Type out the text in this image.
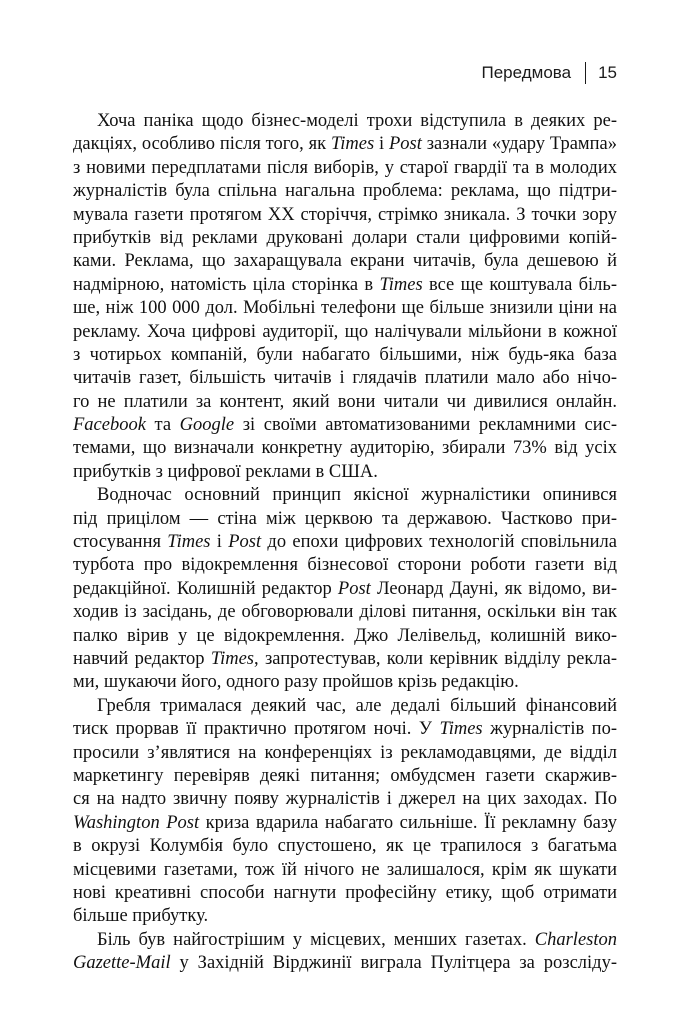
Передмова 15
Хоча паніка щодо бізнес-моделі трохи відступила в деяких ре-
дакціях, особливо після того, як Times і Post зазнали «удару Трампа»
з новими передплатами після виборів, у старої гвардії та в молодих
журналістів була спільна нагальна проблема: реклама, що підтри-
мувала газети протягом XX сторіччя, стрімко зникала. З точки зору
прибутків від реклами друковані долари стали цифровими копій-
ками. Реклама, що захаращувала екрани читачів, була дешевою й
надмірною, натомість ціла сторінка в Times все ще коштувала біль-
ше, ніж 100 000 дол. Мобільні телефони ще більше знизили ціни на
рекламу. Хоча цифрові аудиторії, що налічували мільйони в кожної
з чотирьох компаній, були набагато більшими, ніж будь-яка база
читачів газет, більшість читачів і глядачів платили мало або нічо-
го не платили за контент, який вони читали чи дивилися онлайн.
Facebook та Google зі своїми автоматизованими рекламними сис-
темами, що визначали конкретну аудиторію, збирали 73% від усіх
прибутків з цифрової реклами в США.
Водночас основний принцип якісної журналістики опинився
під прицілом — стіна між церквою та державою. Частково при-
стосування Times і Post до епохи цифрових технологій сповільнила
турбота про відокремлення бізнесової сторони роботи газети від
редакційної. Колишній редактор Post Леонард Дауні, як відомо, ви-
ходив із засідань, де обговорювали ділові питання, оскільки він так
палко вірив у це відокремлення. Джо Лелівельд, колишній вико-
навчий редактор Times, запротестував, коли керівник відділу рекла-
ми, шукаючи його, одного разу пройшов крізь редакцію.
Гребля трималася деякий час, але дедалі більший фінансовий
тиск прорвав її практично протягом ночі. У Times журналістів по-
просили з’являтися на конференціях із рекламодавцями, де відділ
маркетингу перевіряв деякі питання; омбудсмен газети скаржив-
ся на надто звичну появу журналістів і джерел на цих заходах. По
Washington Post криза вдарила набагато сильніше. Її рекламну базу
в окрузі Колумбія було спустошено, як це трапилося з багатьма
місцевими газетами, тож їй нічого не залишалося, крім як шукати
нові креативні способи нагнути професійну етику, щоб отримати
більше прибутку.
Біль був найгострішим у місцевих, менших газетах. Charleston
Gazette-Mail у Західній Вірджинії виграла Пулітцера за розсліду-
